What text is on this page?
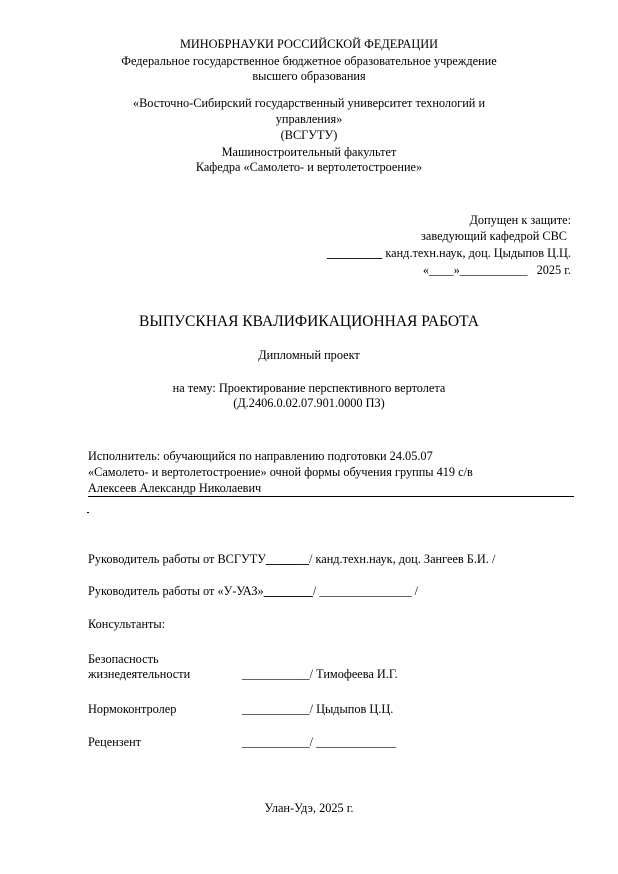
МИНОБРНАУКИ РОССИЙСКОЙ ФЕДЕРАЦИИ
Федеральное государственное бюджетное образовательное учреждение
высшего образования
«Восточно-Сибирский государственный университет технологий и
управления»
(ВСГУТУ)
Машиностроительный факультет
Кафедра «Самолето- и вертолетостроение»
Допущен к защите:
заведующий кафедрой СВС
_________ канд.техн.наук, доц. Цыдыпов Ц.Ц.
«____»___________   2025 г.
ВЫПУСКНАЯ КВАЛИФИКАЦИОННАЯ РАБОТА
Дипломный проект
на тему: Проектирование перспективного вертолета
(Д.2406.0.02.07.901.0000 ПЗ)
Исполнитель: обучающийся по направлению подготовки 24.05.07
«Самолето- и вертолетостроение» очной формы обучения группы 419 с/в
Алексеев Александр Николаевич
Руководитель работы от ВСГУТУ_______/ канд.техн.наук, доц. Зангеев Б.И. /
Руководитель работы от «У-УАЗ»________/ _______________ /
Консультанты:
Безопасность
жизнедеятельности	___________/ Тимофеева И.Г.
Нормоконтролер	___________/ Цыдыпов Ц.Ц.
Рецензент	___________/ _____________
Улан-Удэ, 2025 г.
